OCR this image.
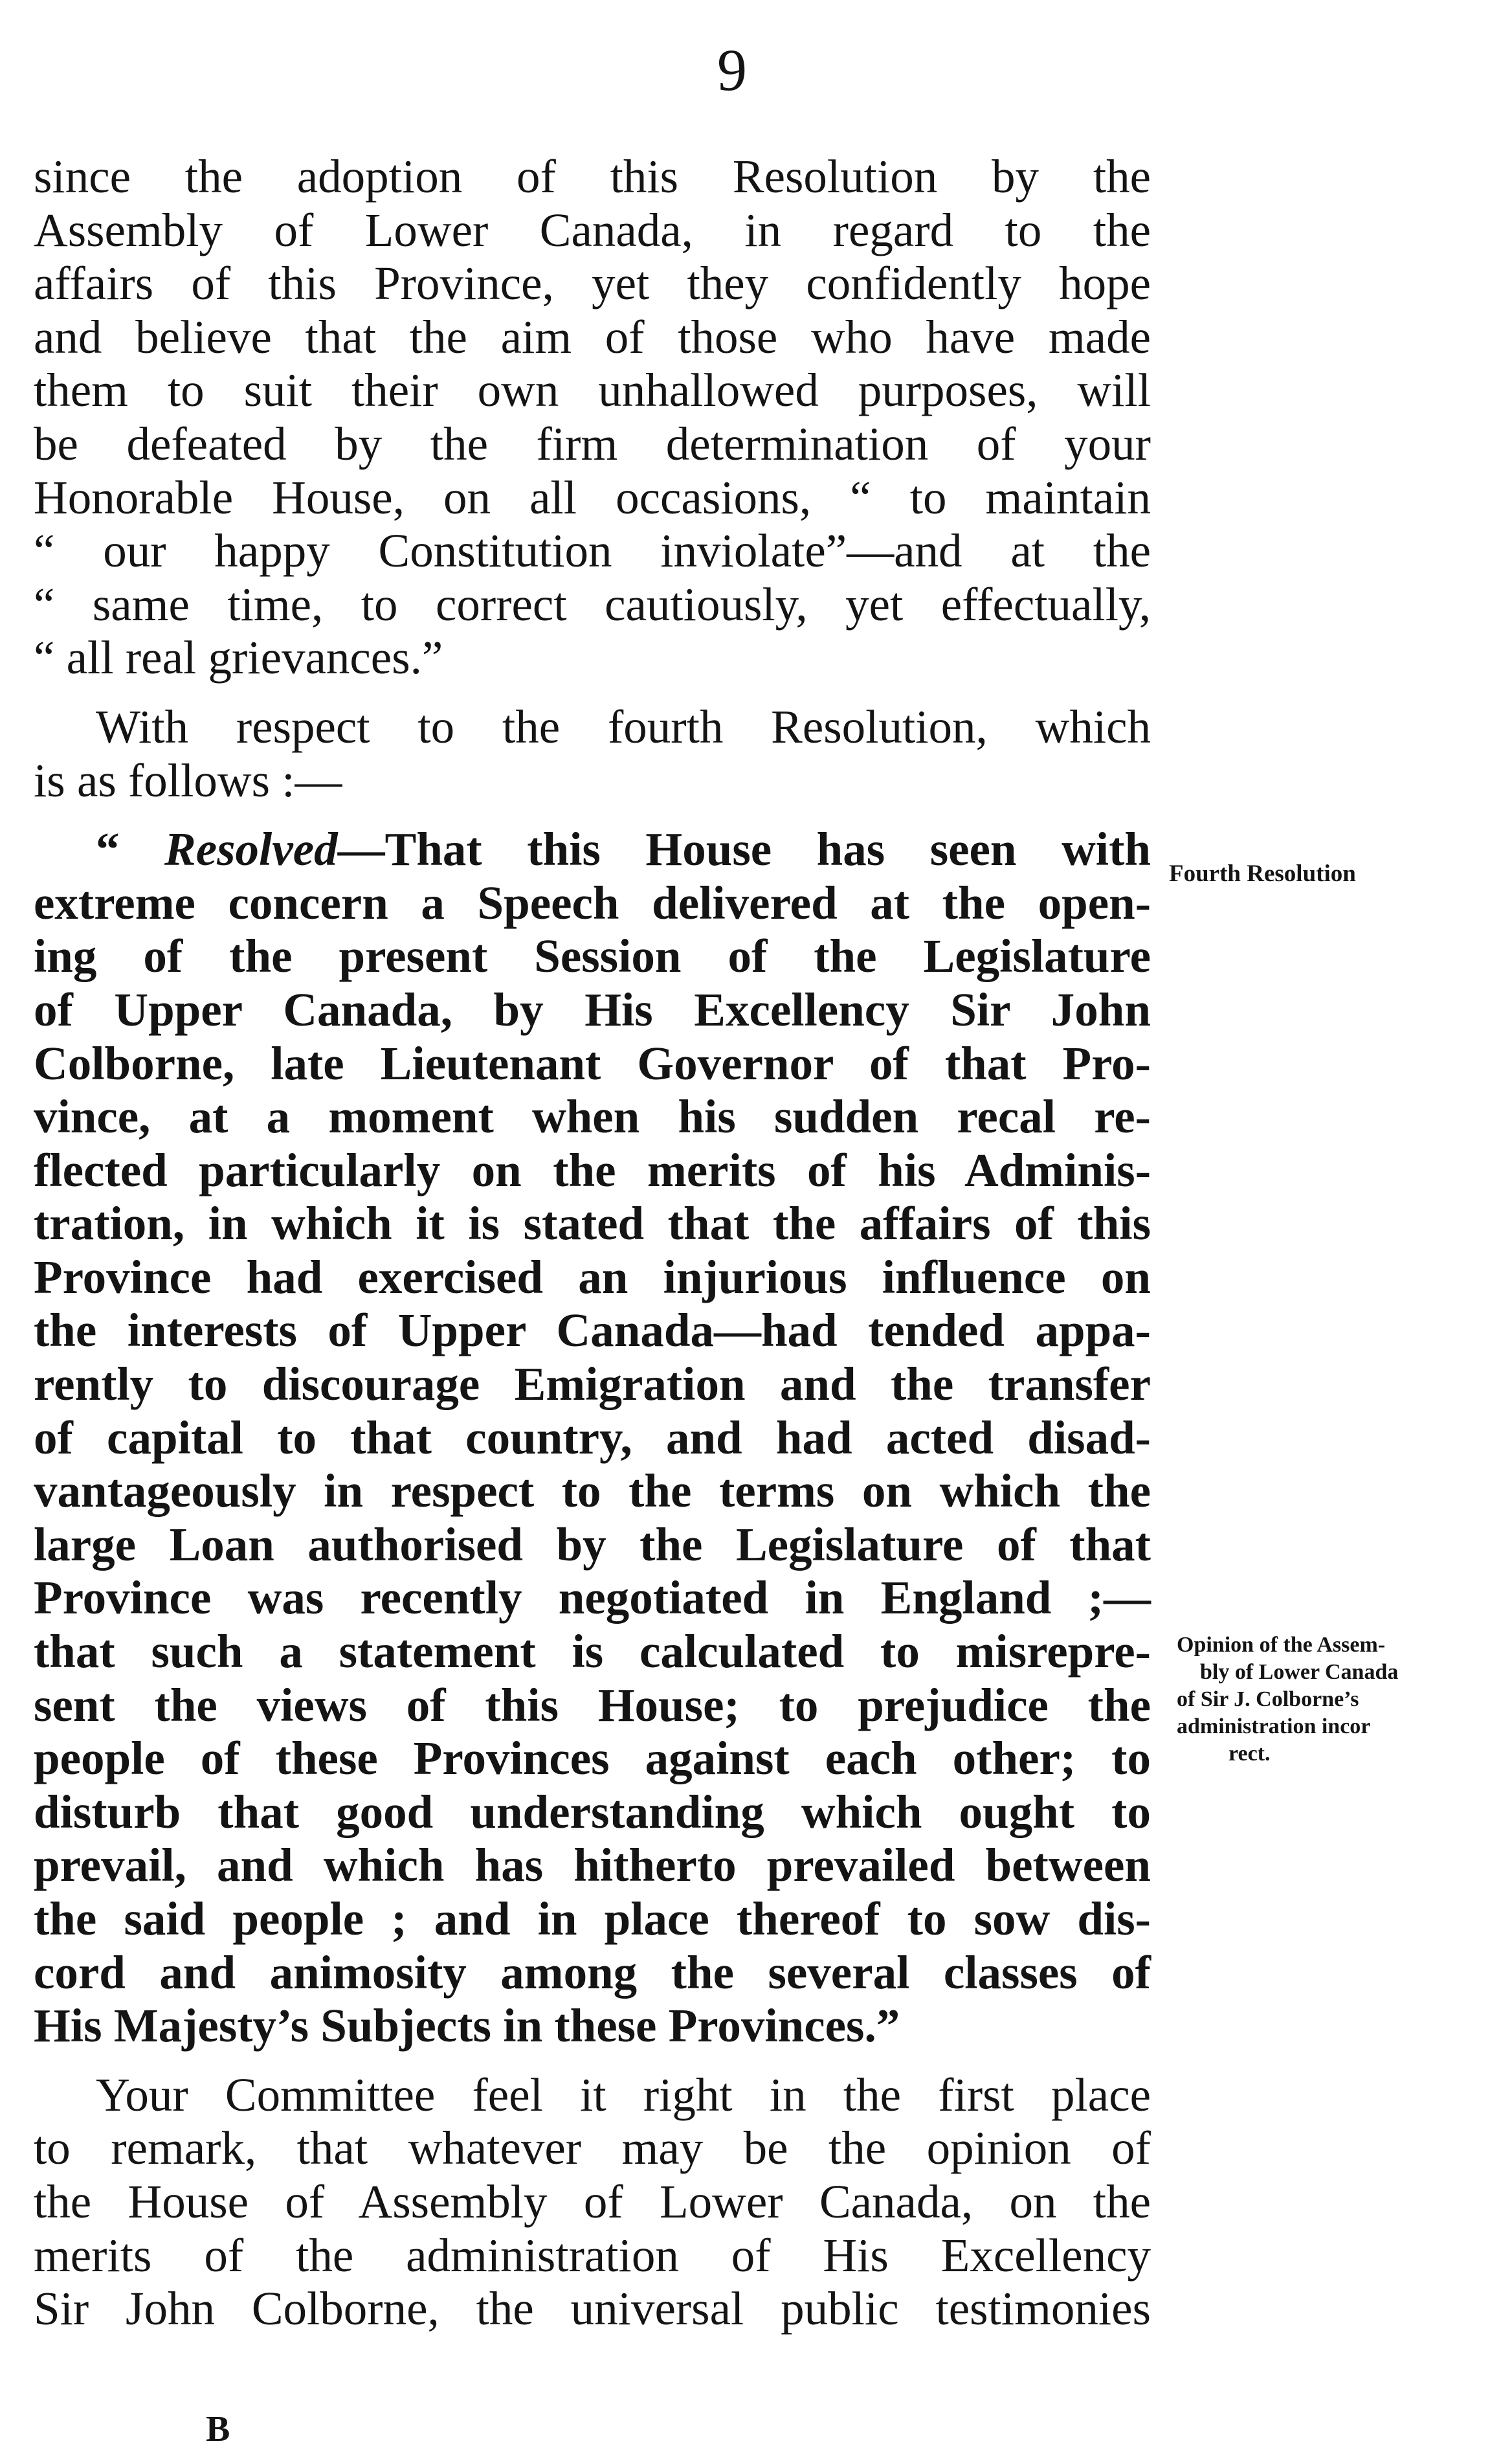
9
since the adoption of this Resolution by the
Assembly of Lower Canada, in regard to the
affairs of this Province, yet they confidently hope
and believe that the aim of those who have made
them to suit their own unhallowed purposes, will
be defeated by the firm determination of your
Honorable House, on all occasions, “ to maintain
“ our happy Constitution inviolate”—and at the
“ same time, to correct cautiously, yet effectually,
“ all real grievances.”
With respect to the fourth Resolution, which
is as follows :—
“ Resolved—That this House has seen with
extreme concern a Speech delivered at the open-
ing of the present Session of the Legislature
of Upper Canada, by His Excellency Sir John
Colborne, late Lieutenant Governor of that Pro-
vince, at a moment when his sudden recal re-
flected particularly on the merits of his Adminis-
tration, in which it is stated that the affairs of this
Province had exercised an injurious influence on
the interests of Upper Canada—had tended appa-
rently to discourage Emigration and the transfer
of capital to that country, and had acted disad-
vantageously in respect to the terms on which the
large Loan authorised by the Legislature of that
Province was recently negotiated in England ;—
that such a statement is calculated to misrepre-
sent the views of this House; to prejudice the
people of these Provinces against each other; to
disturb that good understanding which ought to
prevail, and which has hitherto prevailed between
the said people ; and in place thereof to sow dis-
cord and animosity among the several classes of
His Majesty’s Subjects in these Provinces.”
Your Committee feel it right in the first place
to remark, that whatever may be the opinion of
the House of Assembly of Lower Canada, on the
merits of the administration of His Excellency
Sir John Colborne, the universal public testimonies
Fourth Resolution
Opinion of the Assem-
bly of Lower Canada
of Sir J. Colborne’s
administration incor
rect.
B
